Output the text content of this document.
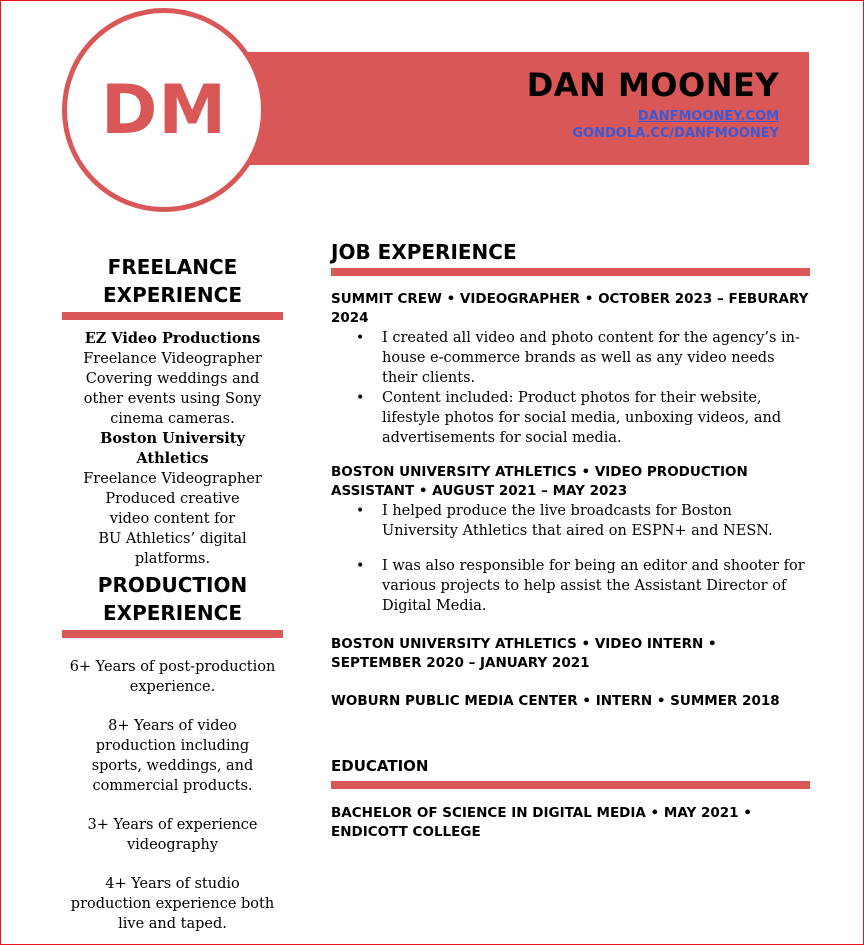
DM	DAN MOONEY
DANFMOONEY.COM
GONDOLA.CC/DANFMOONEY
FREELANCE
EXPERIENCE
EZ Video Productions
Freelance Videographer
Covering weddings and other events using Sony cinema cameras.
Boston University Athletics
Freelance Videographer
Produced creative video content for BU Athletics’ digital platforms.
PRODUCTION
EXPERIENCE
6+ Years of post-production experience.
8+ Years of video production including sports, weddings, and commercial products.
3+ Years of experience videography
4+ Years of studio production experience both live and taped.
JOB EXPERIENCE
SUMMIT CREW • VIDEOGRAPHER • OCTOBER 2023 – FEBURARY 2024
• I created all video and photo content for the agency’s in-house e-commerce brands as well as any video needs their clients.
• Content included: Product photos for their website, lifestyle photos for social media, unboxing videos, and advertisements for social media.
BOSTON UNIVERSITY ATHLETICS • VIDEO PRODUCTION ASSISTANT • AUGUST 2021 – MAY 2023
• I helped produce the live broadcasts for Boston University Athletics that aired on ESPN+ and NESN.
• I was also responsible for being an editor and shooter for various projects to help assist the Assistant Director of Digital Media.
BOSTON UNIVERSITY ATHLETICS • VIDEO INTERN • SEPTEMBER 2020 – JANUARY 2021
WOBURN PUBLIC MEDIA CENTER • INTERN • SUMMER 2018
EDUCATION
BACHELOR OF SCIENCE IN DIGITAL MEDIA • MAY 2021 • ENDICOTT COLLEGE
